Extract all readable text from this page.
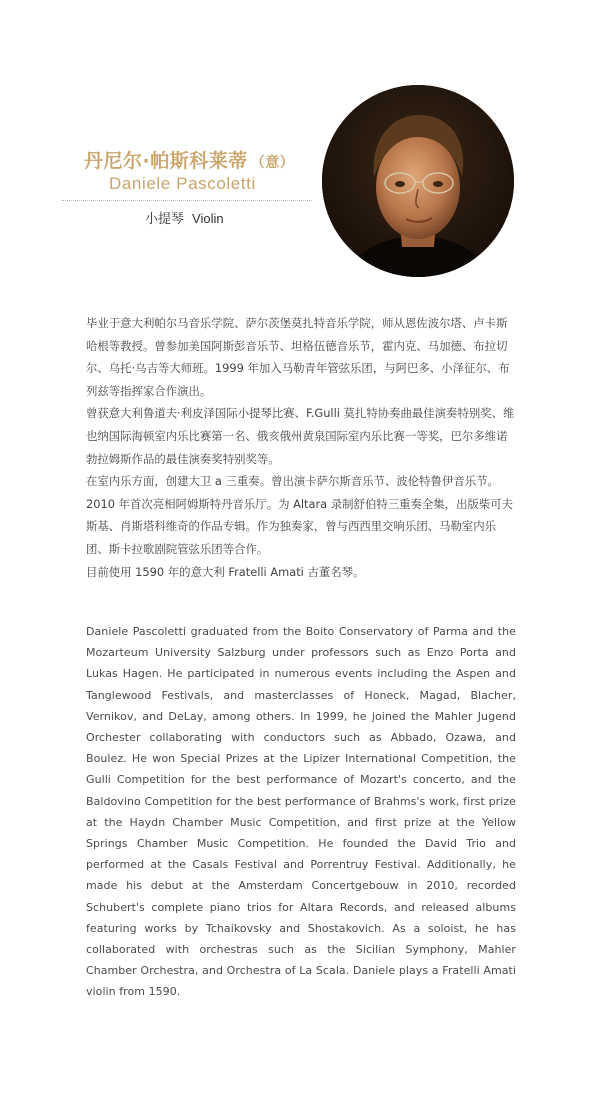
丹尼尔·帕斯科莱蒂 （意）
Daniele Pascoletti
小提琴 Violin

毕业于意大利帕尔马音乐学院、萨尔茨堡莫扎特音乐学院，师从恩佐波尔塔、卢卡斯哈根等教授。曾参加美国阿斯彭音乐节、坦格伍德音乐节，霍内克、马加德、布拉切尔、乌托·乌吉等大师班。1999 年加入马勒青年管弦乐团，与阿巴多、小泽征尔、布列兹等指挥家合作演出。

曾获意大利鲁道夫·利皮泽国际小提琴比赛、F.Gulli 莫扎特协奏曲最佳演奏特别奖、维也纳国际海顿室内乐比赛第一名、俄亥俄州黄泉国际室内乐比赛一等奖，巴尔多维诺勃拉姆斯作品的最佳演奏奖特别奖等。

在室内乐方面，创建大卫 a 三重奏。曾出演卡萨尔斯音乐节、波伦特鲁伊音乐节。2010 年首次亮相阿姆斯特丹音乐厅。为 Altara 录制舒伯特三重奏全集，出版柴可夫斯基、肖斯塔科维奇的作品专辑。作为独奏家，曾与西西里交响乐团、马勒室内乐团、斯卡拉歌剧院管弦乐团等合作。

目前使用 1590 年的意大利 Fratelli Amati 古董名琴。

Daniele Pascoletti graduated from the Boito Conservatory of Parma and the Mozarteum University Salzburg under professors such as Enzo Porta and Lukas Hagen. He participated in numerous events including the Aspen and Tanglewood Festivals, and masterclasses of Honeck, Magad, Blacher, Vernikov, and DeLay, among others. In 1999, he joined the Mahler Jugend Orchester collaborating with conductors such as Abbado, Ozawa, and Boulez. He won Special Prizes at the Lipizer International Competition, the Gulli Competition for the best performance of Mozart's concerto, and the Baldovino Competition for the best performance of Brahms's work, first prize at the Haydn Chamber Music Competition, and first prize at the Yellow Springs Chamber Music Competition. He founded the David Trio and performed at the Casals Festival and Porrentruy Festival. Additionally, he made his debut at the Amsterdam Concertgebouw in 2010, recorded Schubert's complete piano trios for Altara Records, and released albums featuring works by Tchaikovsky and Shostakovich. As a soloist, he has collaborated with orchestras such as the Sicilian Symphony, Mahler Chamber Orchestra, and Orchestra of La Scala. Daniele plays a Fratelli Amati violin from 1590.
